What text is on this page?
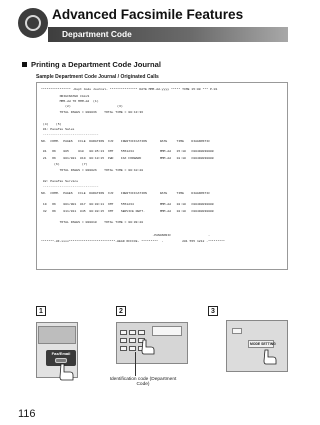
Advanced Facsimile Features
Department Code
Printing a Department Code Journal
Sample Department Code Journal / Originated Calls
**************** -Dept Code Journal- *************** DATE MMM-dd-yyyy ***** TIME 15:00 *** P.01
ORIGINATED CALLS
MMM-dd TO MMM-dd  (1)
(2)                         (3)
TOTAL PAGES = 000036    TOTAL TIME = 00:13:36
(4)    (5)
01: Panafax Sales
------------------------------
NO.  COMM.  PAGES   FILE  DURATION  X/R    IDENTIFICATION       DATE     TIME    DIAGNOSTIC
01   OK    005     018   00:05:13  XMT    5551234              MMM-dd   15:10   C00490030000
21   OK    001/021  019  00:10:15  FWD    FAX FORWARD          MMM-dd   18:10   C00490030000
(6)            (7)
TOTAL PAGES = 000026    TOTAL TIME = 00:10:28
02: Panafax Service
------------------------------
NO.  COMM.  PAGES   FILE  DURATION  X/R    IDENTIFICATION       DATE     TIME    DIAGNOSTIC
19   OK    001/001  017  00:00:11  XMT    5551234              MMM-dd   10:10   C00490030000
32   OK    011/011  045  00:08:15  XMT    SERVICE DEPT.        MMM-dd   10:10   C00490030000
TOTAL PAGES = 000010    TOTAL TIME = 00:09:28
-PANASONIC                    -
*******-UF-xxxx*************************-HEAD OFFICE- *********  -          201 555 1212 -*********
1
Fax/Email
2
Identification code (Department Code)
3
MODE SETTING
116
